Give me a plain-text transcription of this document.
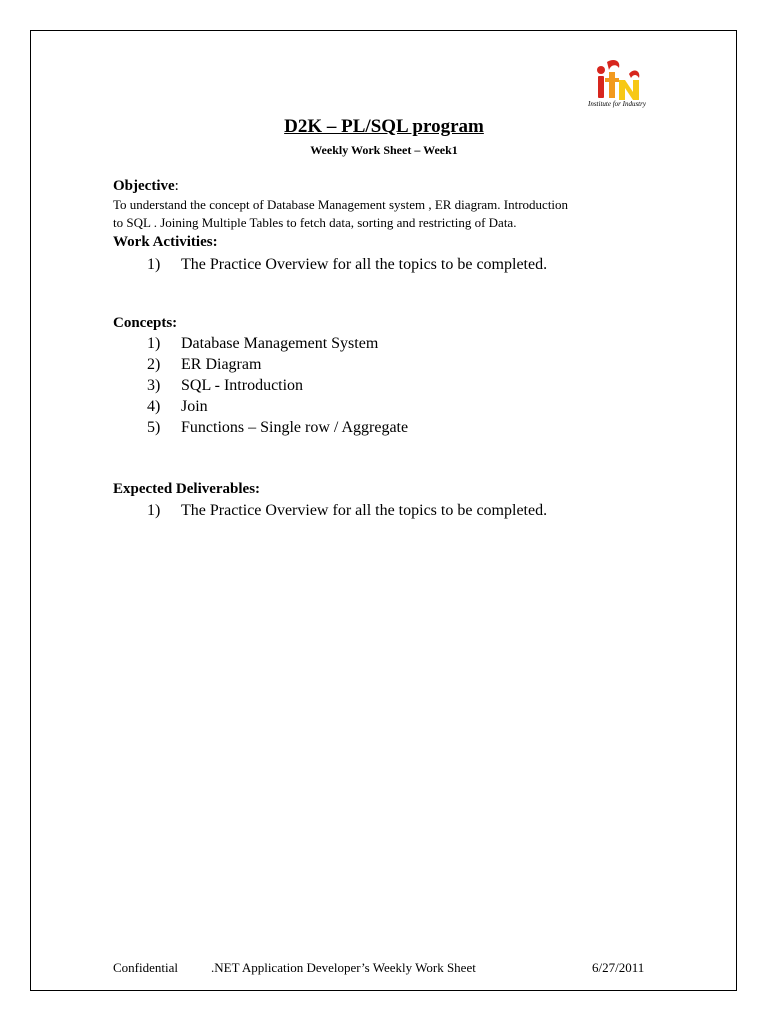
Institute for Industry
D2K – PL/SQL program
Weekly Work Sheet – Week1
Objective:
To understand the concept of Database Management system , ER diagram. Introduction
to SQL . Joining Multiple Tables to fetch data, sorting and restricting of Data.
Work Activities:
1) The Practice Overview for all the topics to be completed.
Concepts:
1) Database Management System
2) ER Diagram
3) SQL - Introduction
4) Join
5) Functions – Single row / Aggregate
Expected Deliverables:
1) The Practice Overview for all the topics to be completed.
Confidential	.NET Application Developer’s Weekly Work Sheet	6/27/2011
